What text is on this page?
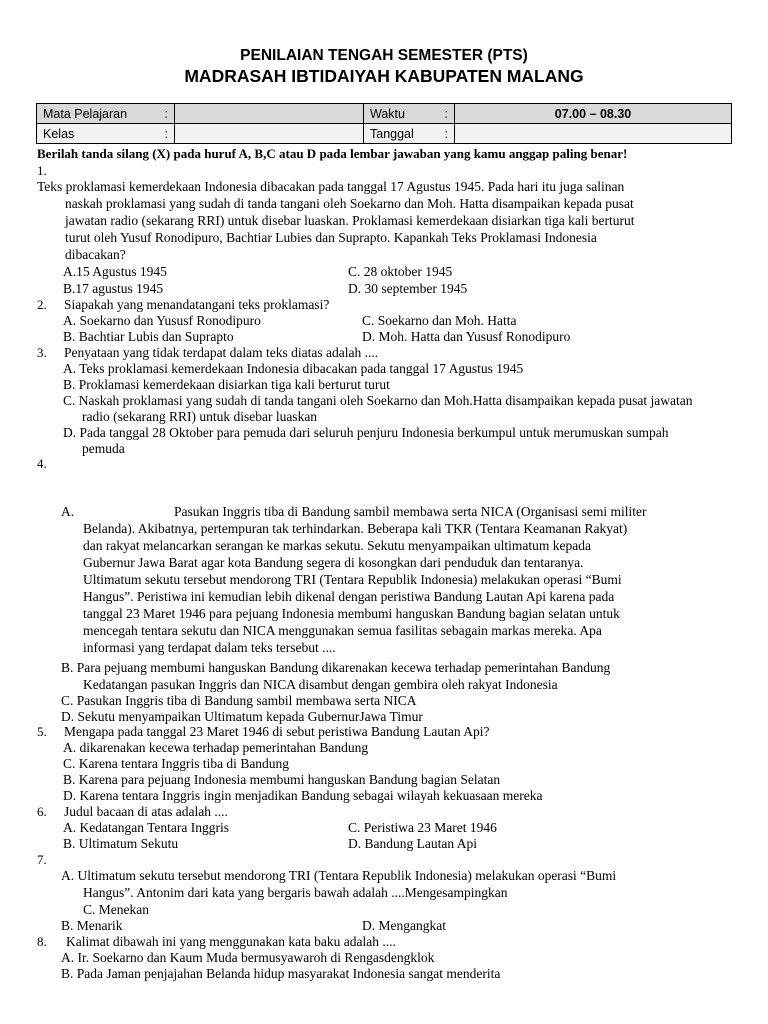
PENILAIAN TENGAH SEMESTER (PTS)
MADRASAH IBTIDAIYAH KABUPATEN MALANG
Mata Pelajaran :		Waktu :	07.00 – 08.30
Kelas :		Tanggal :	

Berilah tanda silang (X) pada huruf A, B,C atau D pada lembar jawaban yang kamu anggap paling benar!
1.
Teks proklamasi kemerdekaan Indonesia dibacakan pada tanggal 17 Agustus 1945. Pada hari itu juga salinan
naskah proklamasi yang sudah di tanda tangani oleh Soekarno dan Moh. Hatta disampaikan kepada pusat
jawatan radio (sekarang RRI) untuk disebar luaskan. Proklamasi kemerdekaan disiarkan tiga kali berturut
turut oleh Yusuf Ronodipuro, Bachtiar Lubies dan Suprapto. Kapankah Teks Proklamasi Indonesia
dibacakan?
A.15 Agustus 1945	C. 28 oktober 1945
B.17 agustus 1945	D. 30 september 1945
2. Siapakah yang menandatangani teks proklamasi?
A. Soekarno dan Yususf Ronodipuro	C. Soekarno dan Moh. Hatta
B. Bachtiar Lubis dan Suprapto	D. Moh. Hatta dan Yususf Ronodipuro
3. Penyataan yang tidak terdapat dalam teks diatas adalah ....
A. Teks proklamasi kemerdekaan Indonesia dibacakan pada tanggal 17 Agustus 1945
B. Proklamasi kemerdekaan disiarkan tiga kali berturut turut
C. Naskah proklamasi yang sudah di tanda tangani oleh Soekarno dan Moh.Hatta disampaikan kepada pusat jawatan
radio (sekarang RRI) untuk disebar luaskan
D. Pada tanggal 28 Oktober para pemuda dari seluruh penjuru Indonesia berkumpul untuk merumuskan sumpah
pemuda
4.
A.	Pasukan Inggris tiba di Bandung sambil membawa serta NICA (Organisasi semi militer
Belanda). Akibatnya, pertempuran tak terhindarkan. Beberapa kali TKR (Tentara Keamanan Rakyat)
dan rakyat melancarkan serangan ke markas sekutu. Sekutu menyampaikan ultimatum kepada
Gubernur Jawa Barat agar kota Bandung segera di kosongkan dari penduduk dan tentaranya.
Ultimatum sekutu tersebut mendorong TRI (Tentara Republik Indonesia) melakukan operasi “Bumi
Hangus”. Peristiwa ini kemudian lebih dikenal dengan peristiwa Bandung Lautan Api karena pada
tanggal 23 Maret 1946 para pejuang Indonesia membumi hanguskan Bandung bagian selatan untuk
mencegah tentara sekutu dan NICA menggunakan semua fasilitas sebagain markas mereka. Apa
informasi yang terdapat dalam teks tersebut ....
B. Para pejuang membumi hanguskan Bandung dikarenakan kecewa terhadap pemerintahan Bandung
Kedatangan pasukan Inggris dan NICA disambut dengan gembira oleh rakyat Indonesia
C. Pasukan Inggris tiba di Bandung sambil membawa serta NICA
D. Sekutu menyampaikan Ultimatum kepada GubernurJawa Timur
5. Mengapa pada tanggal 23 Maret 1946 di sebut peristiwa Bandung Lautan Api?
A. dikarenakan kecewa terhadap pemerintahan Bandung
C. Karena tentara Inggris tiba di Bandung
B. Karena para pejuang Indonesia membumi hanguskan Bandung bagian Selatan
D. Karena tentara Inggris ingin menjadikan Bandung sebagai wilayah kekuasaan mereka
6. Judul bacaan di atas adalah ....
A. Kedatangan Tentara Inggris	C. Peristiwa 23 Maret 1946
B. Ultimatum Sekutu	D. Bandung Lautan Api
7.
A. Ultimatum sekutu tersebut mendorong TRI (Tentara Republik Indonesia) melakukan operasi “Bumi
Hangus”. Antonim dari kata yang bergaris bawah adalah ....Mengesampingkan
C. Menekan
B. Menarik	D. Mengangkat
8. Kalimat dibawah ini yang menggunakan kata baku adalah ....
A. Ir. Soekarno dan Kaum Muda bermusyawaroh di Rengasdengklok
B. Pada Jaman penjajahan Belanda hidup masyarakat Indonesia sangat menderita
